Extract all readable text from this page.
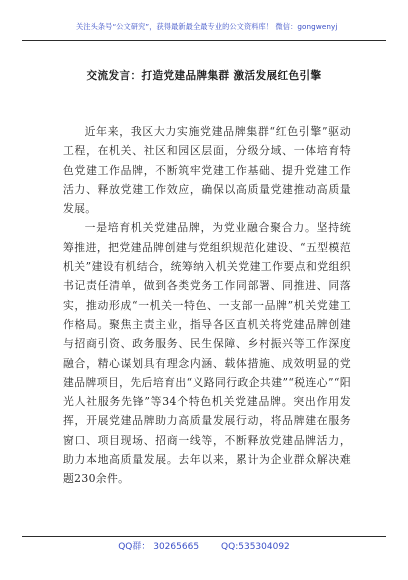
关注头条号“公文研究”，获得最新最全最专业的公文资料库！ 微信：gongwenyj
交流发言：打造党建品牌集群 激活发展红色引擎

近年来，我区大力实施党建品牌集群“红色引擎”驱动工程，在机关、社区和园区层面，分级分域、一体培育特色党建工作品牌，不断筑牢党建工作基础、提升党建工作活力、释放党建工作效应，确保以高质量党建推动高质量发展。

一是培育机关党建品牌，为党业融合聚合力。坚持统筹推进，把党建品牌创建与党组织规范化建设、“五型模范机关”建设有机结合，统筹纳入机关党建工作要点和党组织书记责任清单，做到各类党务工作同部署、同推进、同落实，推动形成“一机关一特色、一支部一品牌”机关党建工作格局。聚焦主责主业，指导各区直机关将党建品牌创建与招商引资、政务服务、民生保障、乡村振兴等工作深度融合，精心谋划具有理念内涵、载体措施、成效明显的党建品牌项目，先后培育出“义路同行政企共建”“税连心”“阳光人社服务先锋”等34个特色机关党建品牌。突出作用发挥，开展党建品牌助力高质量发展行动，将品牌建在服务窗口、项目现场、招商一线等，不断释放党建品牌活力，助力本地高质量发展。去年以来，累计为企业群众解决难题230余件。

QQ群： 30265665 QQ:535304092
